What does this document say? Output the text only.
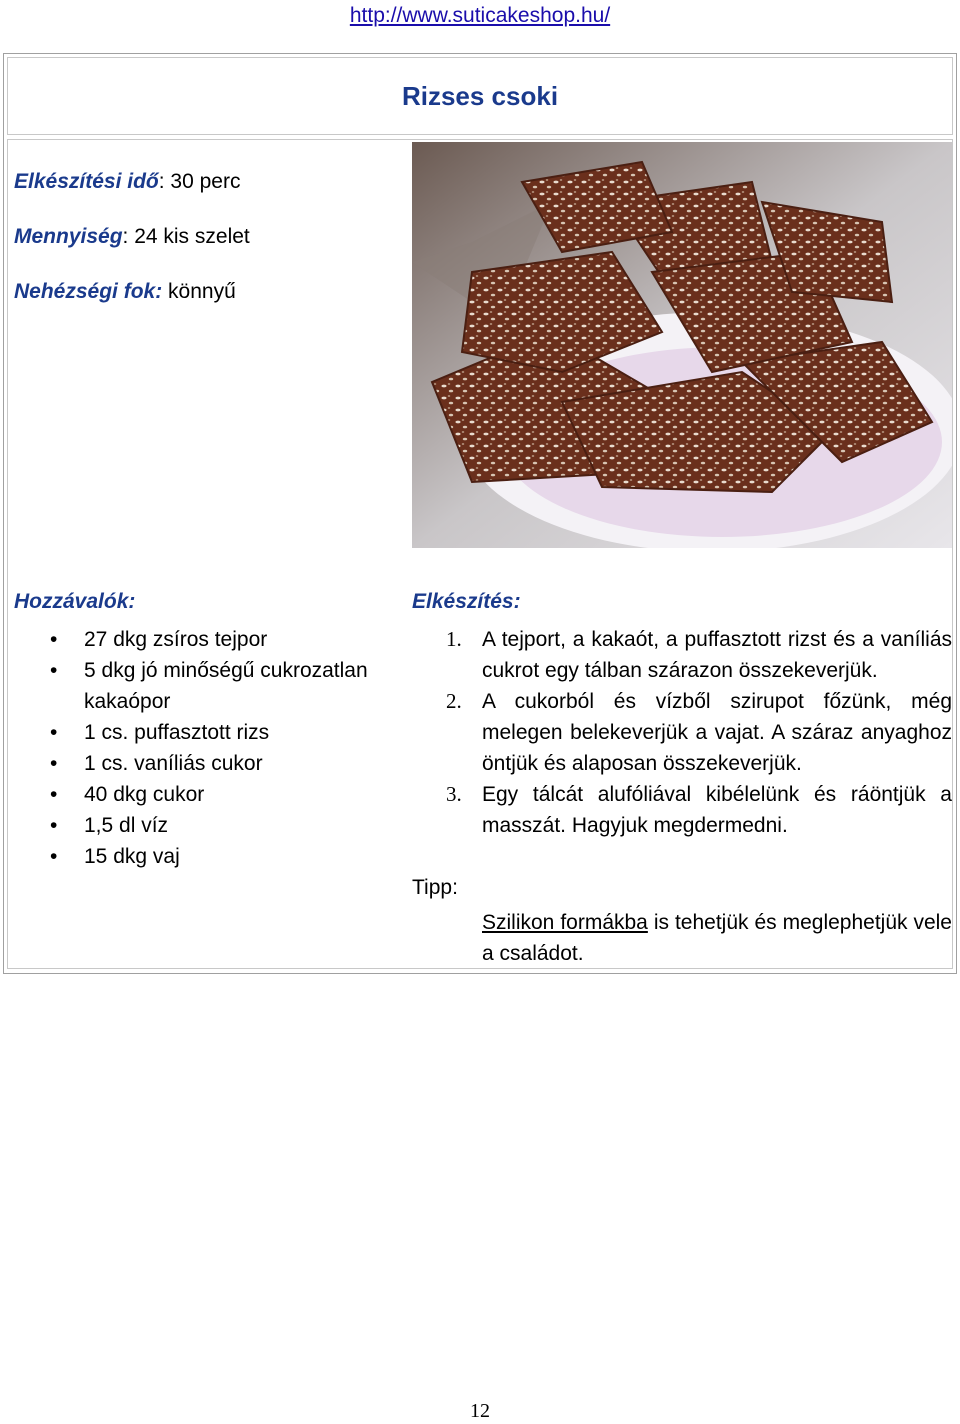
http://www.suticakeshop.hu/
Rizses csoki
Elkészítési idő: 30 perc
Mennyiség: 24 kis szelet
Nehézségi fok: könnyű
Hozzávalók:	Elkészítés:
• 27 dkg zsíros tejpor
• 5 dkg jó minőségű cukrozatlan kakaópor
• 1 cs. puffasztott rizs
• 1 cs. vaníliás cukor
• 40 dkg cukor
• 1,5 dl víz
• 15 dkg vaj
1. A tejport, a kakaót, a puffasztott rizst és a vaníliás cukrot egy tálban szárazon összekeverjük.
2. A cukorból és vízből szirupot főzünk, még melegen belekeverjük a vajat. A száraz anyaghoz öntjük és alaposan összekeverjük.
3. Egy tálcát alufóliával kibélelünk és ráöntjük a masszát. Hagyjuk megdermedni.
Tipp:
Szilikon formákba is tehetjük és meglephetjük vele a családot.
12
